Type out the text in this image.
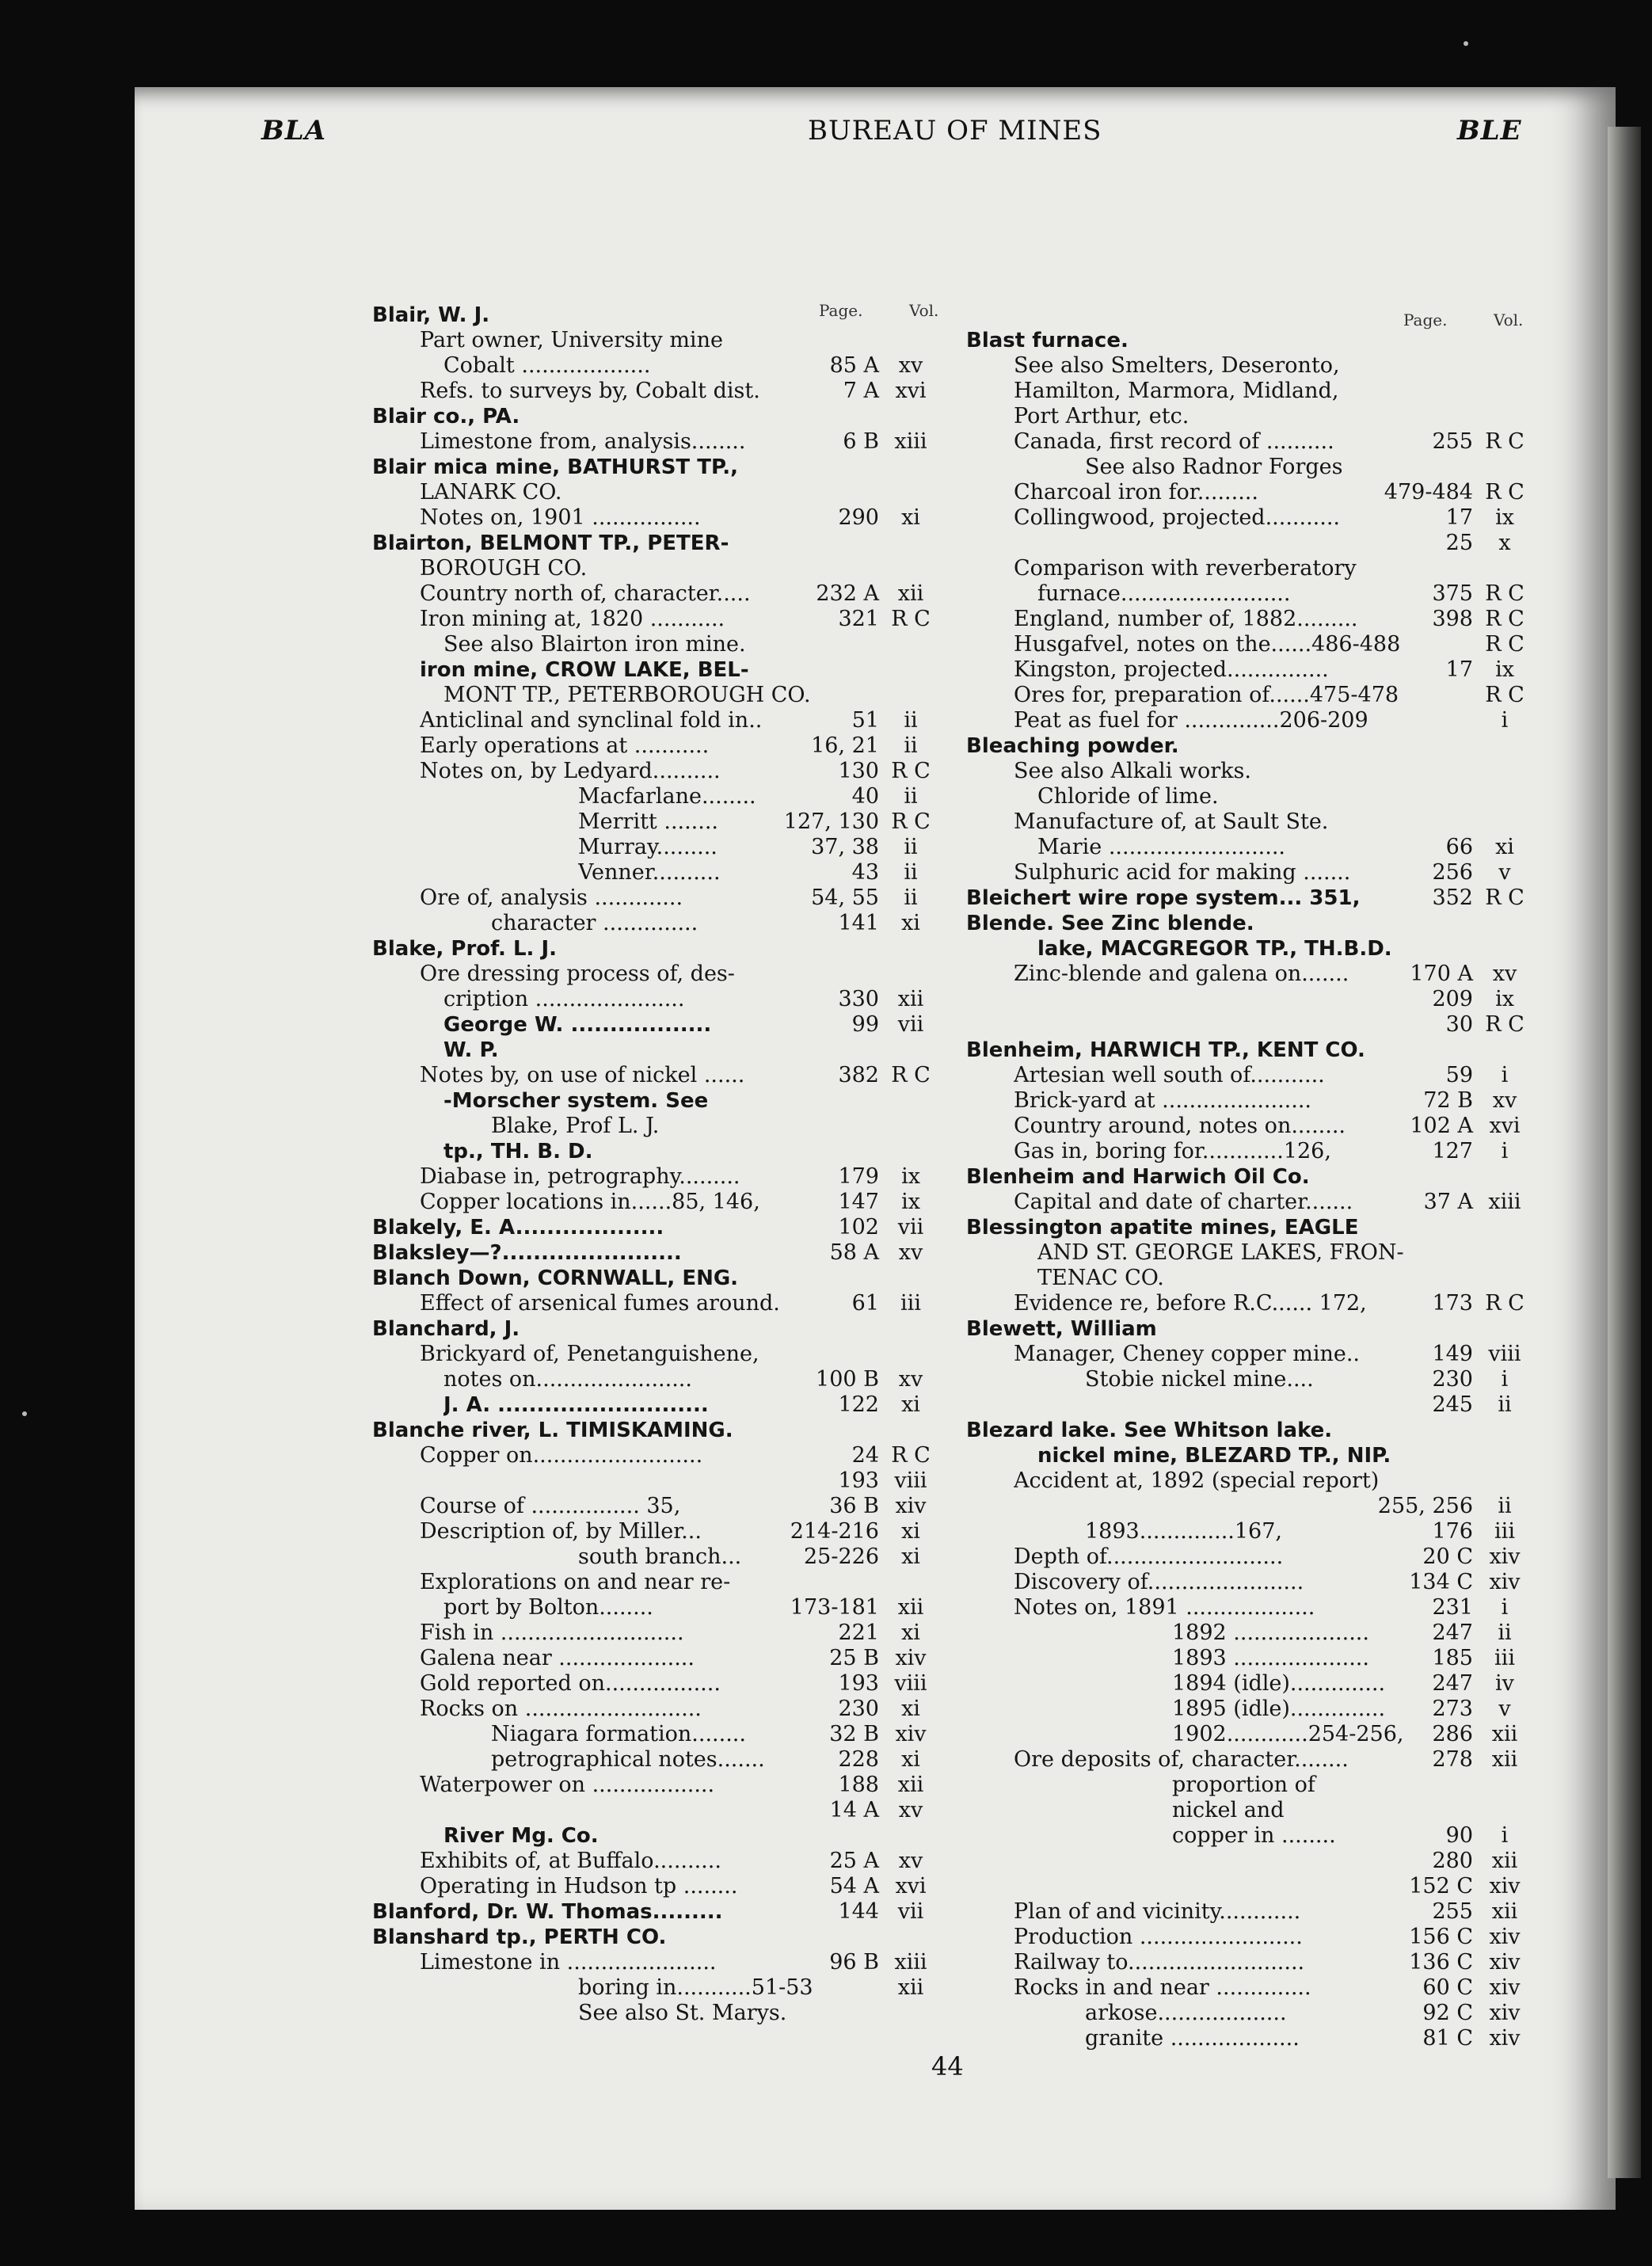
BLA	BUREAU OF MINES	BLE
Page.	Vol.	Page.	Vol.
Blair, W. J.
Part owner, University mine
Cobalt ...................	85 A xv
Refs. to surveys by, Cobalt dist.	7 A xvi
Blair co., PA.
Limestone from, analysis........	6 B xiii
Blair mica mine, BATHURST TP.,
LANARK CO.
Notes on, 1901 ................	290	xi
Blairton, BELMONT TP., PETER-
BOROUGH CO.
Country north of, character.....	232 A xii
Iron mining at, 1820 ...........	321 R C
See also Blairton iron mine.
iron mine, CROW LAKE, BEL-
MONT TP., PETERBOROUGH CO.
Anticlinal and synclinal fold in..	51	ii
Early operations at ...........	16, 21	ii
Notes on, by Ledyard..........	130 R C
Macfarlane........	40	ii
Merritt ........	127, 130 R C
Murray.........	37, 38	ii
Venner..........	43	ii
Ore of, analysis .............	54, 55	ii
character ..............	141	xi
Blake, Prof. L. J.
Ore dressing process of, des-
cription ......................	330 xii
George W. ..................	99 vii
W. P.
Notes by, on use of nickel ......	382 R C
-Morscher system. See
Blake, Prof L. J.
tp., TH. B. D.
Diabase in, petrography.........	179	ix
Copper locations in......85, 146,	147	ix
Blakely, E. A...................	102 vii
Blaksley—?.......................	58 A xv
Blanch Down, CORNWALL, ENG.
Effect of arsenical fumes around.	61	iii
Blanchard, J.
Brickyard of, Penetanguishene,
notes on.......................	100 B xv
J. A. ...........................	122	xi
Blanche river, L. TIMISKAMING.
Copper on.........................	24 R C
193 viii
Course of ................ 35,	36 B xiv
Description of, by Miller...	214-216	xi
south branch...	25-226	xi
Explorations on and near re-
port by Bolton........	173-181 xii
Fish in ...........................	221	xi
Galena near ....................	25 B xiv
Gold reported on.................	193 viii
Rocks on ..........................	230	xi
Niagara formation........	32 B xiv
petrographical notes.......	228	xi
Waterpower on ..................	188 xii
14 A xv
River Mg. Co.
Exhibits of, at Buffalo..........	25 A xv
Operating in Hudson tp ........	54 A xvi
Blanford, Dr. W. Thomas.........	144 vii
Blanshard tp., PERTH CO.
Limestone in ......................	96 B xiii
boring in...........51-53	xii
See also St. Marys.
Blast furnace.
See also Smelters, Deseronto,
Hamilton, Marmora, Midland,
Port Arthur, etc.
Canada, first record of ..........	255 R C
See also Radnor Forges
Charcoal iron for.........	479-484 R C
Collingwood, projected...........	17	ix
25	x
Comparison with reverberatory
furnace.........................	375 R C
England, number of, 1882.........	398 R C
Husgafvel, notes on the......486-488	R C
Kingston, projected...............	17	ix
Ores for, preparation of......475-478	R C
Peat as fuel for ..............206-209	i
Bleaching powder.
See also Alkali works.
Chloride of lime.
Manufacture of, at Sault Ste.
Marie ..........................	66	xi
Sulphuric acid for making .......	256	v
Bleichert wire rope system... 351,	352 R C
Blende. See Zinc blende.
lake, MACGREGOR TP., TH.B.D.
Zinc-blende and galena on.......	170 A xv
209	ix
30 R C
Blenheim, HARWICH TP., KENT CO.
Artesian well south of...........	59	i
Brick-yard at ......................	72 B xv
Country around, notes on........	102 A xvi
Gas in, boring for............126,	127	i
Blenheim and Harwich Oil Co.
Capital and date of charter.......	37 A xiii
Blessington apatite mines, EAGLE
AND ST. GEORGE LAKES, FRON-
TENAC CO.
Evidence re, before R.C...... 172,	173 R C
Blewett, William
Manager, Cheney copper mine..	149 viii
Stobie nickel mine....	230	i
245	ii
Blezard lake. See Whitson lake.
nickel mine, BLEZARD TP., NIP.
Accident at, 1892 (special report)
255, 256	ii
1893..............167,	176	iii
Depth of..........................	20 C xiv
Discovery of.......................	134 C xiv
Notes on, 1891 ...................	231	i
1892 ....................	247	ii
1893 ....................	185	iii
1894 (idle)..............	247	iv
1895 (idle)..............	273	v
1902............254-256,	286 xii
Ore deposits of, character........	278 xii
proportion of
nickel and
copper in ........	90	i
280 xii
152 C xiv
Plan of and vicinity............	255 xii
Production ........................	156 C xiv
Railway to..........................	136 C xiv
Rocks in and near ..............	60 C xiv
arkose...................	92 C xiv
granite ...................	81 C xiv
44
